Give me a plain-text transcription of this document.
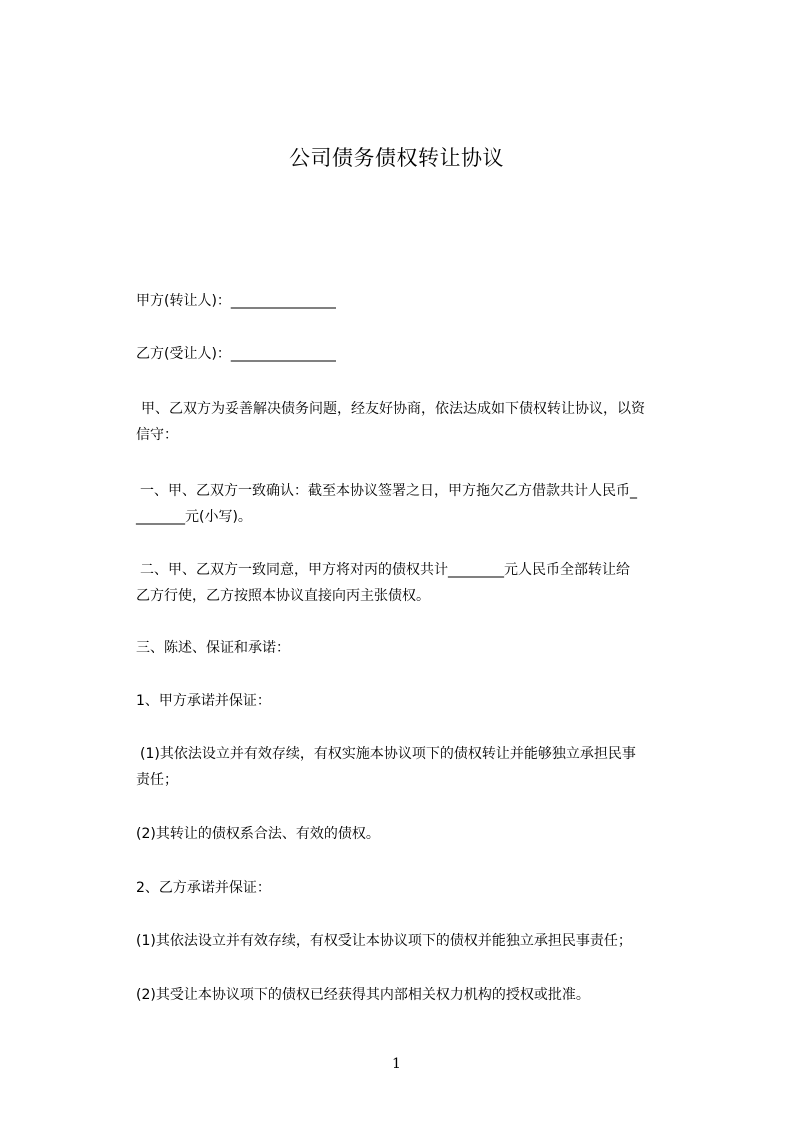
公司债务债权转让协议
甲方(转让人)：_______________
乙方(受让人)：_______________
甲、乙双方为妥善解决债务问题，经友好协商，依法达成如下债权转让协议，以资
信守：
一、甲、乙双方一致确认：截至本协议签署之日，甲方拖欠乙方借款共计人民币_
_______元(小写)。
二、甲、乙双方一致同意，甲方将对丙的债权共计________元人民币全部转让给
乙方行使，乙方按照本协议直接向丙主张债权。
三、陈述、保证和承诺：
1、甲方承诺并保证：
(1)其依法设立并有效存续，有权实施本协议项下的债权转让并能够独立承担民事
责任；
(2)其转让的债权系合法、有效的债权。
2、乙方承诺并保证：
(1)其依法设立并有效存续，有权受让本协议项下的债权并能独立承担民事责任；
(2)其受让本协议项下的债权已经获得其内部相关权力机构的授权或批准。
1
